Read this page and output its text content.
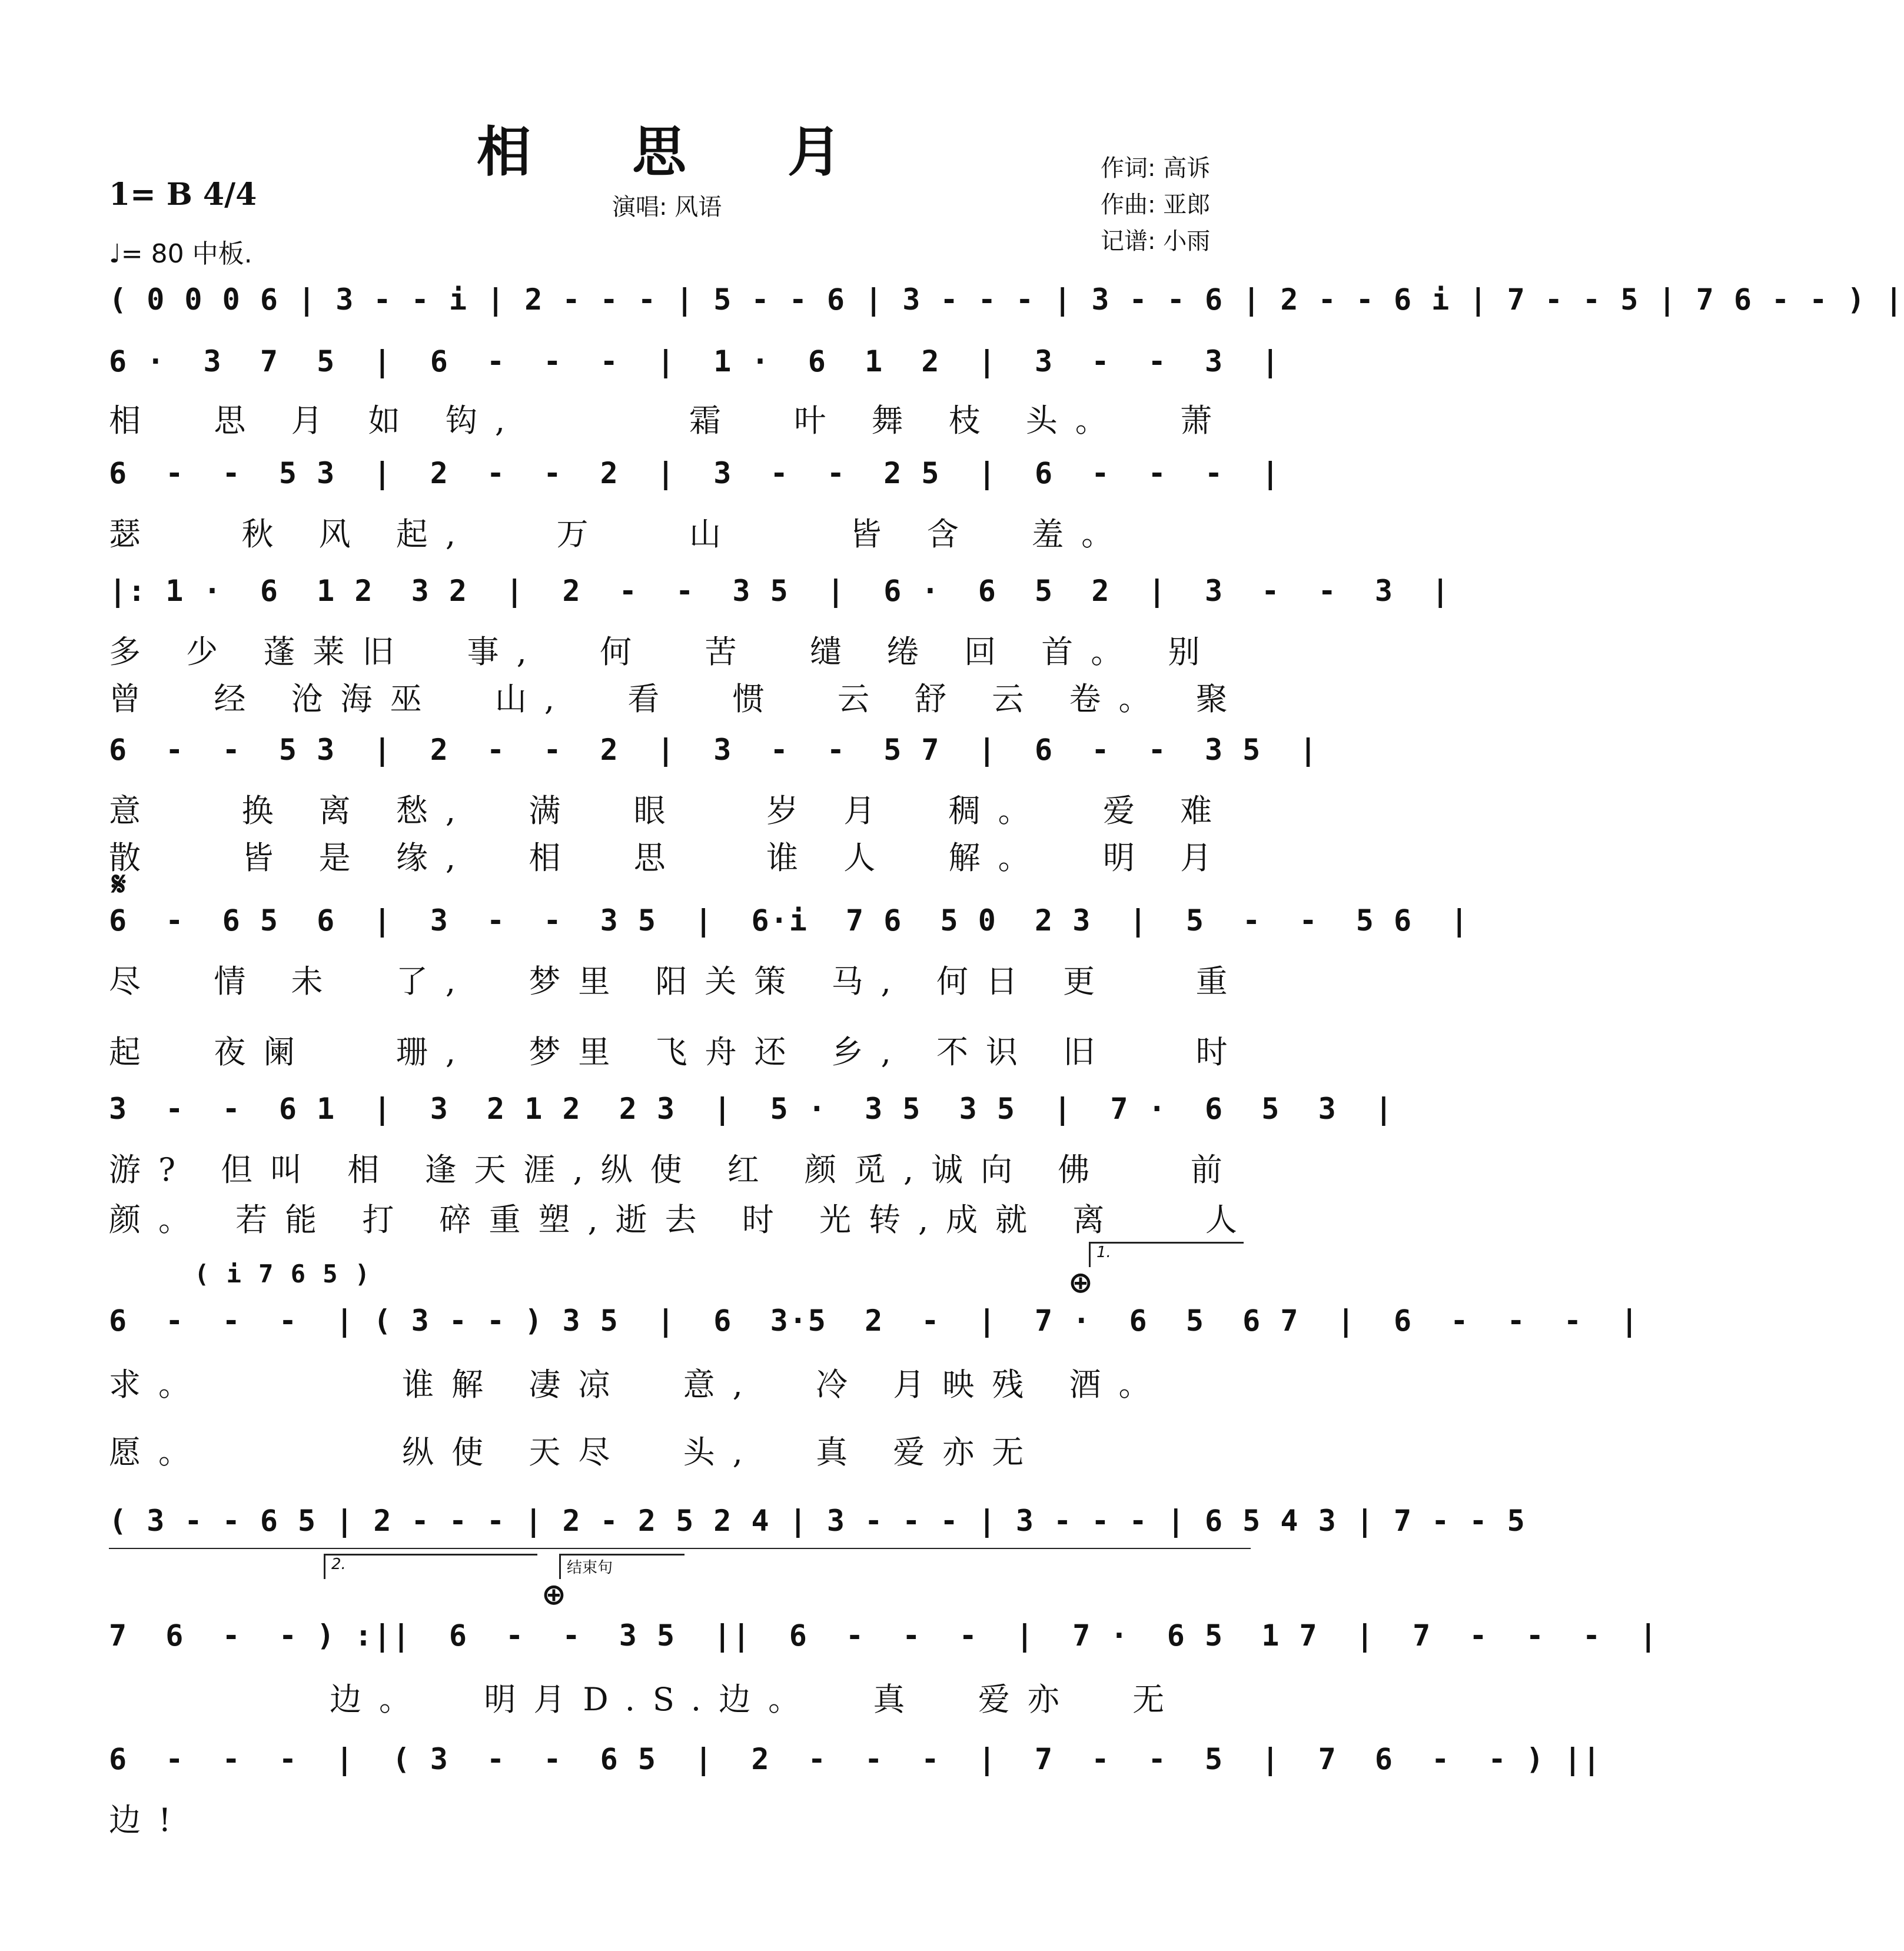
相 思 月
1= B 4/4
♩= 80 中板.
演唱: 风语
作词: 高诉
作曲: 亚郎
记谱: 小雨
( 0 0 0 6 | 3 - - i | 2 - - - | 5 - - 6 | 3 - - - | 3 - - 6 | 2 - - 6 i | 7 - - 5 | 7 6 - - ) |
6 ·  3  7  5  |  6  -  -  -  |  1 ·  6  1  2  |  3  -  -  3  |
相  思 月 如 钩,      霜  叶 舞 枝 头。  萧
6  -  -  5 3  |  2  -  -  2  |  3  -  -  2 5  |  6  -  -  -  |
瑟   秋 风 起,   万   山    皆 含  羞。
|: 1 ·  6  1 2  3 2  |  2  -  -  3 5  |  6 ·  6  5  2  |  3  -  -  3  |
多 少 蓬莱旧  事,  何  苦  缱 绻 回 首。 别
曾  经 沧海巫  山,  看  惯  云 舒 云 卷。 聚
6  -  -  5 3  |  2  -  -  2  |  3  -  -  5 7  |  6  -  -  3 5  |
意   换 离 愁,  满  眼   岁 月  稠。  爱 难
散   皆 是 缘,  相  思   谁 人  解。  明 月
𝄋
6  -  6 5  6  |  3  -  -  3 5  |  6·i  7 6  5 0  2 3  |  5  -  -  5 6  |
尽  情 未  了,  梦里 阳关策 马, 何日 更   重
起  夜阑   珊,  梦里 飞舟还 乡, 不识 旧   时
3  -  -  6 1  |  3  2 1 2  2 3  |  5 ·  3 5  3 5  |  7 ·  6  5  3  |
游? 但叫 相 逢天涯,纵使 红 颜觅,诚向 佛   前
颜。 若能 打 碎重塑,逝去 时 光转,成就 离   人
( i 7 6 5 )
1.
⊕
6  -  -  -  | ( 3 - - ) 3 5  |  6  3·5  2  -  |  7 ·  6  5  6 7  |  6  -  -  -  |
求。       谁解 凄凉  意,  冷 月映残 酒。
愿。       纵使 天尽  头,  真 爱亦无
( 3 - - 6 5 | 2 - - - | 2 - 2 5 2 4 | 3 - - - | 3 - - - | 6 5 4 3 | 7 - - 5
2.	结束句
⊕
7  6  -  - ) :||  6  -  -  3 5  ||  6  -  -  -  |  7 ·  6 5  1 7  |  7  -  -  -  |
边。  明月D.S.边。  真  爱亦  无
6  -  -  -  |  ( 3  -  -  6 5  |  2  -  -  -  |  7  -  -  5  |  7  6  -  - ) ||
边!
